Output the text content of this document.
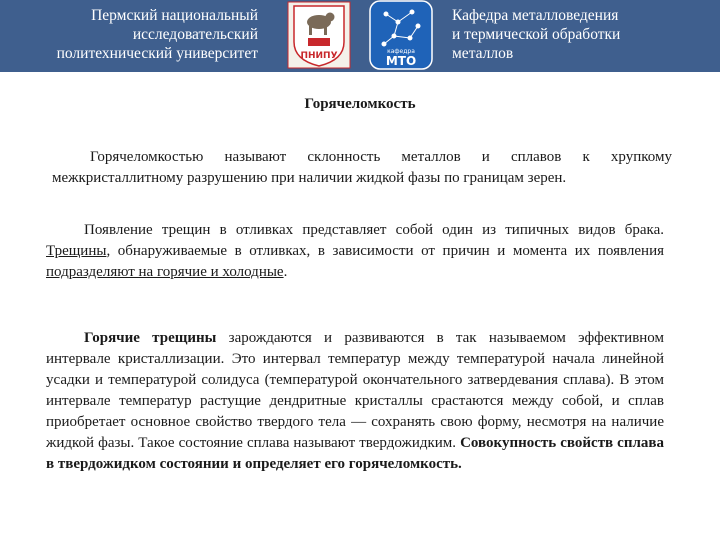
Пермский национальный
исследовательский
политехнический университет	ПНИПУ	кафедра
МТО
Кафедра металловедения
и термической обработки
металлов
Горячеломкость

Горячеломкостью называют склонность металлов и сплавов к хрупкому межкристаллитному разрушению при наличии жидкой фазы по границам зерен.

Появление трещин в отливках представляет собой один из типичных видов брака. Трещины, обнаруживаемые в отливках, в зависимости от причин и момента их появления подразделяют на горячие и холодные.

Горячие трещины зарождаются и развиваются в так называемом эффективном интервале кристаллизации. Это интервал температур между температурой начала линейной усадки и температурой солидуса (температурой окончательного затвердевания сплава). В этом интервале температур растущие дендритные кристаллы срастаются между собой, и сплав приобретает основное свойство твердого тела — сохранять свою форму, несмотря на наличие жидкой фазы. Такое состояние сплава называют твердожидким. Совокупность свойств сплава в твердожидком состоянии и определяет его горячеломкость.
